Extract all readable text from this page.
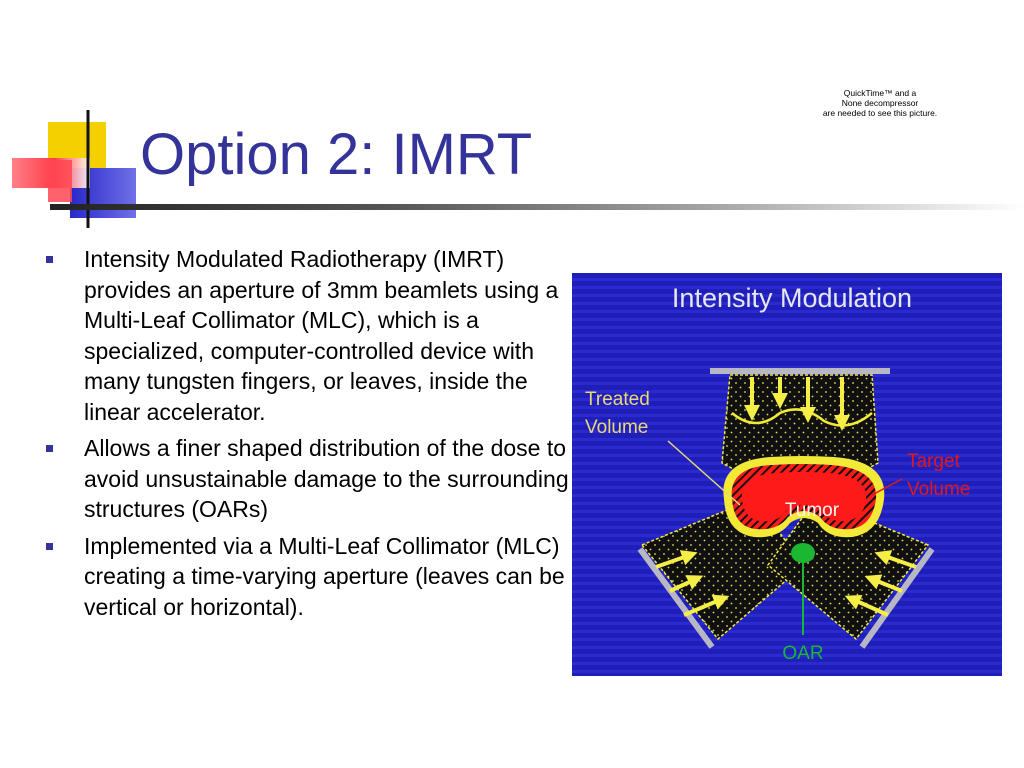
Option 2: IMRT
QuickTime™ and a
None decompressor
are needed to see this picture.
Intensity Modulated Radiotherapy (IMRT) provides an aperture of 3mm beamlets using a Multi-Leaf Collimator (MLC), which is a specialized, computer-controlled device with many tungsten fingers, or leaves, inside the linear accelerator.
Allows a finer shaped distribution of the dose to avoid unsustainable damage to the surrounding structures (OARs)
Implemented via a Multi-Leaf Collimator (MLC) creating a time-varying aperture (leaves can be vertical or horizontal).
Intensity Modulation
Treated
Volume
Target
Volume
Tumor
OAR
